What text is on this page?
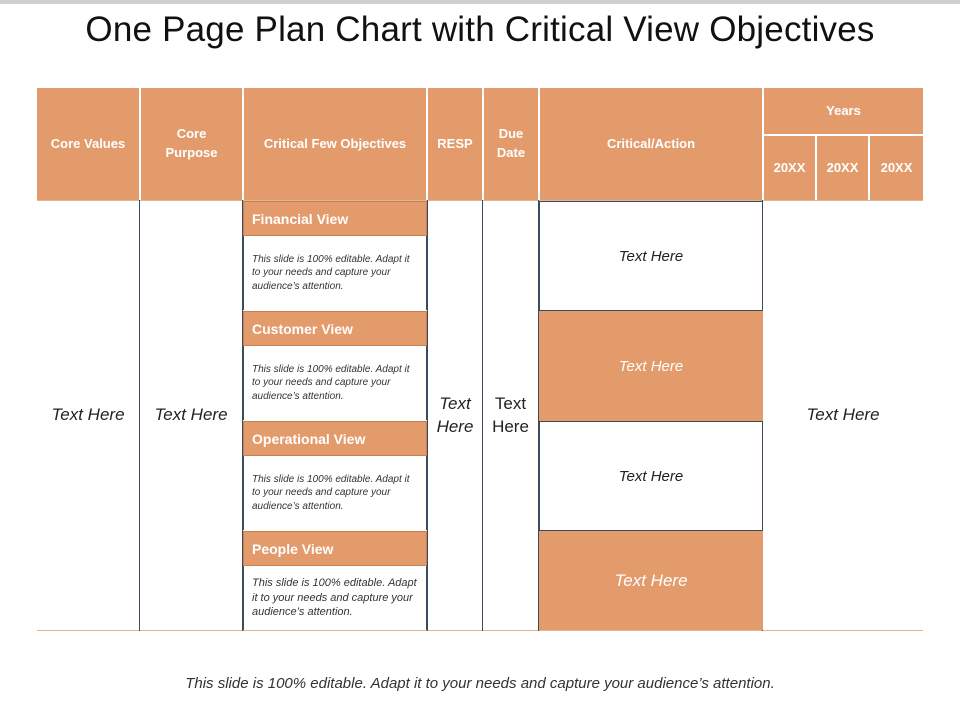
One Page Plan Chart with Critical View Objectives
Core Values
Core Purpose
Critical Few Objectives RESP
Due Date
Critical/Action
Years
20XX 20XX 20XX
Text Here Text Here
Text Here
Text Here
Text Here
Financial View
This slide is 100% editable. Adapt it to your needs and capture your audience’s attention.
Customer View
This slide is 100% editable. Adapt it to your needs and capture your audience’s attention.
Operational View
This slide is 100% editable. Adapt it to your needs and capture your audience’s attention.
People View
This slide is 100% editable. Adapt it to your needs and capture your audience’s attention.
Text Here
Text Here
Text Here
Text Here
This slide is 100% editable. Adapt it to your needs and capture your audience’s attention.
